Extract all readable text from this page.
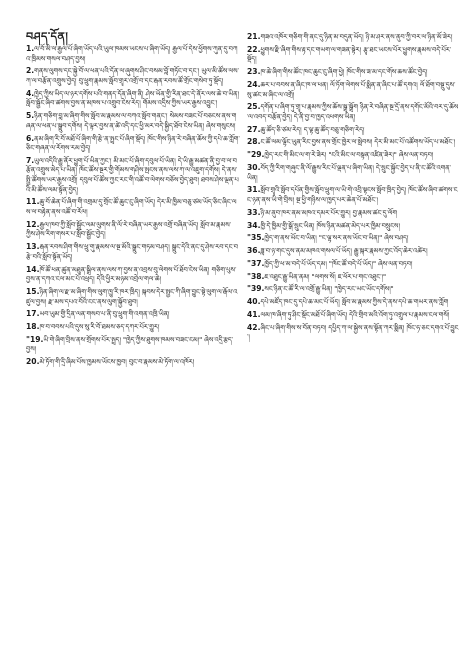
བཤད་དོན།

1.ལ་བོ་མི་ལ་རྒྱལ་པོ་ཞིག་ཡོད་པའི་ཡུལ་ཁམས་ཡངས་པ་ཞིག་ཡོད། རྒྱལ་པོ་དེས་ཕྱོགས་ཀུན་དུ་བཀའ་ཁྲིམས་གསལ་བཤད་བྱས།

2.གནས་ལུགས་དང་སྐྱེ་བོ་ལ་ཕན་པའི་དོན་ལ་ཞུགས་ཤིང་བསམ་བློ་གཏོང་བ་དང་། ཡུལ་མི་ཚོས་ལས་ཀ་ལ་བརྩོན་འགྲུས་བྱེད། བུ་ཕྲུག་རྣམས་སློབ་གྲྭར་འགྲོ་བ་དང་རྒན་རབས་ཚོ་གྲོང་གསེབ་ཏུ་སྡོད།

4.ཁྱེད་ཀྱིས་ཡིད་ལ་ཉར་དགོས་པའི་གནད་དོན་ཞིག་ནི། ཤེས་ཡོན་གྱི་རིན་ཐང་དེ་ནོར་ལས་ཆེ་བ་ཡིན། སློབ་སྦྱོང་ཞིབ་ཚགས་བྱས་ན་མཁས་པ་འགྲུབ་ངེས་རེད། གོམས་འདྲིས་ཀྱིས་ཡར་རྒྱས་འབྱུང་།

5.ཉིན་གཅིག་བླ་མ་ཞིག་གིས་སློབ་མ་རྣམས་ལ་བཀའ་སློབ་གནང་། སེམས་བཟང་པོ་བཅངས་ནས་གཞན་ལ་ཕན་པ་སྒྲུབ་དགོས། དེ་ལྟར་བྱས་ན་ཚེ་འདི་དང་ཕྱི་མར་བདེ་སྐྱིད་ཐོབ་ངེས་ཡིན། ཞེས་གསུངས།

6.ནམ་ཞིག་རི་བོ་མཐོ་པོ་ཞིག་གི་རྩེ་ན་སྤྲང་པོ་ཞིག་སྡོད། ཁོང་གིས་ཉིན་རེ་བཞིན་ཆོས་ཀྱི་དཔེ་ཆ་ཀློག་ཅིང་གཞན་ལ་རོགས་རམ་བྱེད།

7.ཡུལ་འདིའི་རྒྱུ་ནོར་ཕྱུག་པོ་ཡིན་ཀྱང་། མི་མང་པོ་ཞིག་དབུལ་པོ་ཡིན། དེ་ཡི་རྒྱུ་མཚན་ནི་བྱ་བ་ལ་བརྩོན་འགྲུས་མེད་པ་ཡིན། ཁོང་ཚོས་སྔར་གྱི་གོམས་གཤིས་སྤངས་ནས་ལས་ཀ་ལ་འཇུག་དགོས། དེ་ནས་སྤྱི་ཚོགས་ཡར་རྒྱས་འགྲོ། དབུལ་པོ་ཚོས་ཀྱང་རང་གི་འཚོ་བ་ལེགས་བཅོས་བྱེད་ཐུབ། ཐབས་ཤེས་ལྡན་པའི་མི་ཚོས་ལམ་སྟོན་བྱེད།

11.ཆུ་བོ་ཆེན་པོ་ཞིག་གི་འགྲམ་དུ་གྲོང་ཚོ་ཆུང་ངུ་ཞིག་ཡོད། དེར་མི་ཁྱིམ་བཅུ་ཙམ་ཡོད་ཅིང་ཞིང་ལས་ལ་བརྟེན་ནས་འཚོ་བ་རོལ།

12.རྒྱལ་ཁབ་ཀྱི་སློབ་སྦྱོང་ལམ་ལུགས་ནི་ལོ་རེ་བཞིན་ཡར་རྒྱས་འགྲོ་བཞིན་ཡོད། སློབ་མ་རྣམས་ཀྱིས་ཤེས་རིག་གསར་པ་སློབ་སྦྱོང་བྱེད།

13.རྒན་རབས་ཤིག་གིས་ཕྲུ་གུ་རྣམས་ལ་སྔ་མོའི་སྒྲུང་གཏམ་བཤད། སྒྲུང་དེའི་ནང་དུ་ཤེས་རབ་དང་བརྩེ་བའི་སློབ་སྟོན་ཡོད།

14.ཁོ་ཚོ་ཕན་ཚུན་མཐུན་སྒྲིལ་ནས་ལས་ཀ་བྱས་ན་འབྲས་བུ་ལེགས་པོ་ཐོབ་ངེས་ཡིན། གཅིག་པུས་བྱས་ན་དཀའ་ངལ་མང་པོ་འཕྲད། དེའི་ཕྱིར་མཉམ་འབྲེལ་གལ་ཆེ།

15.ཉིན་ཞིག་ལ་རྫ་མ་ཞིག་གིས་ལུག་ཁྱུ་རི་ཁར་ཁྲིད། སྐབས་དེར་སྤྱང་ཀི་ཞིག་བྱུང་སྟེ་ལུག་ལ་རྒོལ་འཛུལ་བྱས། རྫ་མས་དཔའ་བོའི་ངང་ནས་ལུག་སྐྱོབ་ཐུབ།

17.ཡབ་ཡུམ་གྱི་དྲིན་ལན་གསབ་པ་ནི་བུ་ཕྲུག་གི་འགན་འཁྲི་ཡིན།

18.ཁ་བ་བབས་པའི་དུས་སུ་རི་བོ་ཐམས་ཅད་དཀར་པོར་གྱུར།

"19.ཡི་གེ་ཞིག་བྲིས་ནས་གྲོགས་པོར་སྤྲད། "ཁྱེད་ཀྱིས་ཐུགས་ཁམས་བཟང་ངམ།" ཞེས་འདྲི་རྩད་བྱས།

20.མེ་ཏོག་གི་དྲི་ཞིམ་པོས་ཁྱམས་ཡོངས་ཁྱབ། བུང་བ་རྣམས་མེ་ཏོག་ལ་འཁོར།

21.གཟའ་འཁོར་གཅིག་གི་ནང་དུ་ཉིན་མ་བདུན་ཡོད། ཉི་མ་ཤར་ནས་ནུབ་ཀྱི་བར་ལ་ཉིན་མོ་ཟེར།

22.ཕྱུགས་རྫི་ཞིག་གིས་རྟ་དང་གཡག་ལ་གཟན་སྟེར། རྩྭ་ཐང་ཡངས་པོར་ཕྱུགས་རྣམས་བདེ་པོར་སྡོད།

23.ཁ་ཆེ་ཞིག་གིས་ཚོང་ཁང་ཆུང་ངུ་ཞིག་ཕྱེ། ཁོང་གིས་ཟ་མ་དང་གོས་ཆས་ཚོང་བྱེད།

24.ཆར་པ་བབས་ན་ཞིང་ཁ་ལ་ཕན། ལོ་ཏོག་ལེགས་པོ་སྨིན་ན་ཞིང་པ་ཚོ་དགའ། ལོ་ཐོག་བསྡུ་དུས་སུ་ཚང་མ་ཞིང་ལ་འགྲོ།

25.དགོན་པ་ཞིག་ཏུ་གྲྭ་པ་རྣམས་ཀྱིས་ཆོས་སྒྲ་སྒྲོག ཉིན་རེ་བཞིན་སྔ་དྲོ་ནས་དགོང་མོའི་བར་དུ་ཆོས་ལ་འབད་བརྩོན་བྱེད། དེ་ནི་བྱ་བ་ཁྱད་འཕགས་ཡིན།

27.ཆུ་ཚོད་ཅི་ཙམ་རེད། ད་ལྟ་ཆུ་ཚོད་བཅུ་གཅིག་རེད།

28.ང་ཚོ་ལམ་ལྷོང་ཡུན་རིང་བྱས་ནས་གྲོང་ཁྱེར་ལ་སླེབས། དེར་མི་མང་པོ་འཚོགས་ཡོད་པ་མཐོང་།

"29.ཁྱེད་རང་གི་མིང་ལ་ག་རེ་ཟེར། "ངའི་མིང་ལ་བསྟན་འཛིན་ཟེར།" ཞེས་ལན་བཏབ།

30.བོད་ཀྱི་རིག་གཞུང་ནི་ལོ་རྒྱུས་རིང་པོ་ལྡན་པ་ཞིག་ཡིན། དེ་སྲུང་སྐྱོང་བྱེད་པ་ནི་ང་ཚོའི་འགན་ཡིན།

31.སློབ་གྲྭའི་སློབ་དཔོན་གྱིས་སློབ་ཕྲུག་ལ་ཡི་གེ་འབྲི་སྟངས་སློབ་ཁྲིད་བྱེད། ཁོང་ཚོས་ཞིབ་ཚགས་ངང་ཉན་ནས་ཡི་གེ་བྲིས། སྔ་ཕྱི་གཉིས་ལ་ཁྱད་པར་ཆེན་པོ་མཐོང་།

33.ཉི་མ་ནུབ་ཁར་ནམ་མཁའ་དམར་པོར་གྱུར། བྱ་རྣམས་ཚང་དུ་ལོག

34.ཁྱི་དེ་ཁྱིམ་གྱི་སྒོ་སྲུང་ཡིན། ཁོས་ཉིན་མཚན་མེད་པར་ཁྱིམ་བསྲུངས།

"35.ཁྱེད་ག་ནས་ཡོང་བ་ཡིན། "ང་ལྷ་སར་ནས་ཡོང་བ་ཡིན།" ཞེས་བཤད།

36.ཟླ་བ་ཉ་གང་དུས་ནམ་མཁའ་གསལ་པོ་ཡོད། རྒྱུ་སྐར་རྣམས་ཀྱང་འོད་ཆེར་འཚེར།

"37.ཁྱོད་ཀྱི་ཕ་མ་བདེ་པོ་ཡོད་དམ། "ཁོང་ཚོ་བདེ་པོ་ཡོད།" ཞེས་ལན་བཏབ།

"38.ཇ་འཐུང་རྒྱུ་ཡིན་ནམ། "ལགས་སོ། ཇ་ཕོར་པ་གང་འཐུང་།"

"39.སང་ཉིན་ང་ཚོ་རི་ལ་འགྲོ་རྒྱུ་ཡིན། "ཁྱེད་རང་ཡང་ཡོང་དགོས།"

40.དཔེ་མཛོད་ཁང་དུ་དཔེ་ཆ་མང་པོ་ཡོད། སློབ་མ་རྣམས་ཀྱིས་དེ་ནས་དཔེ་ཆ་གཡར་ནས་ཀློག

41.ལམ་ཁ་ཞིག་ཏུ་ཤིང་སྡོང་མཐོ་པོ་ཞིག་ཡོད། དེའི་གྲིབ་མའི་འོག་ཏུ་འགྲུལ་པ་རྣམས་ངལ་གསོ།

42.ཞིང་པ་ཞིག་གིས་ས་བོན་བཏབ། དཔྱིད་ཀ་ལ་སྐྱེས་ནས་སྟོན་ཀར་སྨིན། ཁོང་ཧ་ཅང་དགའ་པོ་བྱུང་།
